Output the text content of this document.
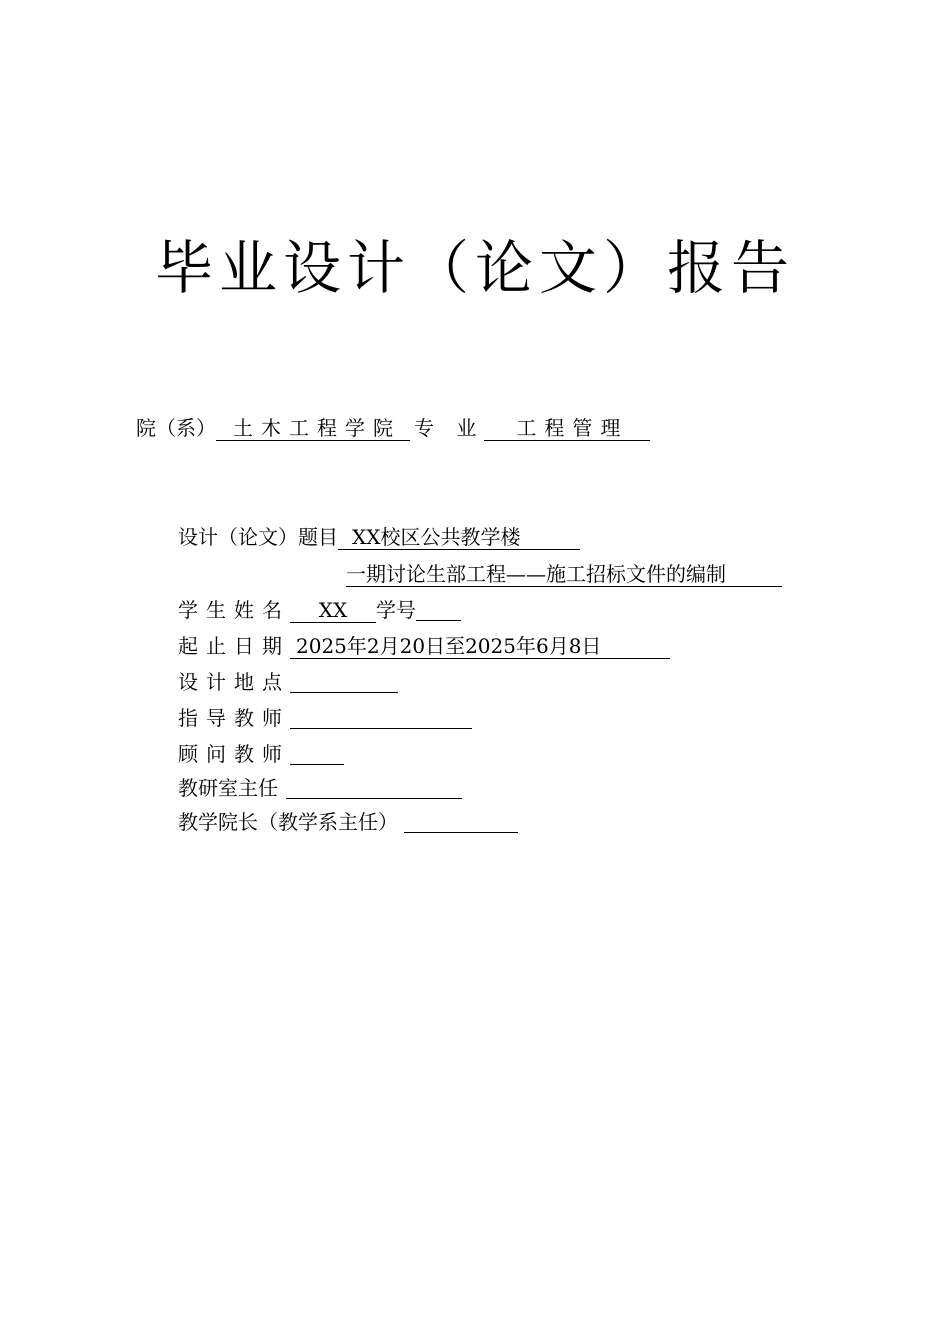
毕业设计（论文）报告
院（系） 土木工程学院 专 业 工程管理
设计（论文）题目 XX校区公共教学楼
一期讨论生部工程——施工招标文件的编制
学生姓名 XX 学号
起止日期 2025年2月20日至2025年6月8日
设计地点
指导教师
顾问教师
教研室主任
教学院长（教学系主任）
